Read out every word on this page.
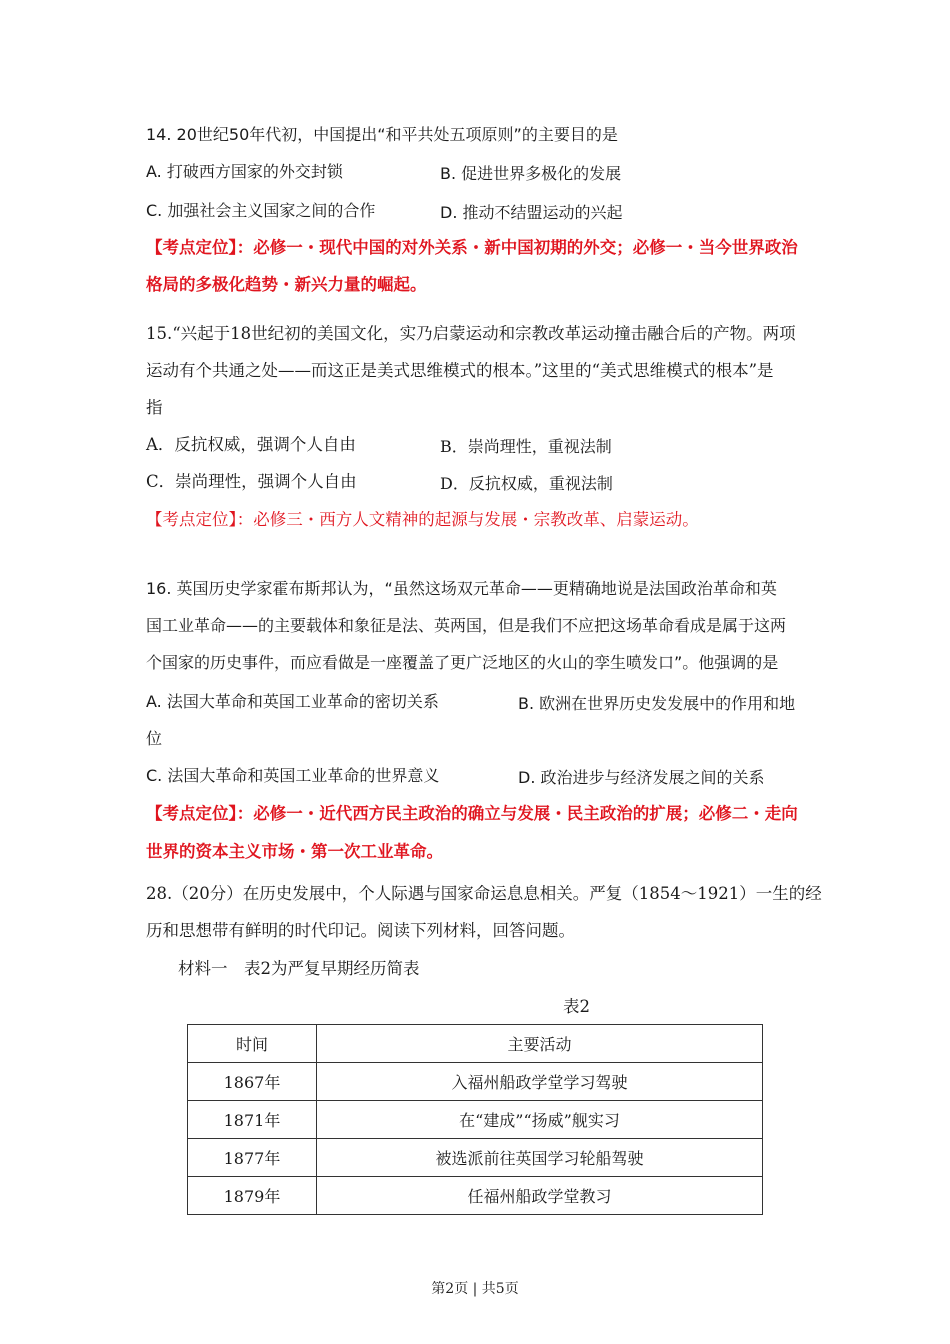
14. 20世纪50年代初，中国提出“和平共处五项原则”的主要目的是
A. 打破西方国家的外交封锁	B. 促进世界多极化的发展
C. 加强社会主义国家之间的合作	D. 推动不结盟运动的兴起
【考点定位】：必修一・现代中国的对外关系・新中国初期的外交；必修一・当今世界政治
格局的多极化趋势・新兴力量的崛起。
15.“兴起于18世纪初的美国文化，实乃启蒙运动和宗教改革运动撞击融合后的产物。两项
运动有个共通之处——而这正是美式思维模式的根本。”这里的“美式思维模式的根本”是
指
A．反抗权威，强调个人自由	B．崇尚理性，重视法制
C．崇尚理性，强调个人自由	D．反抗权威，重视法制
【考点定位】：必修三・西方人文精神的起源与发展・宗教改革、启蒙运动。
16. 英国历史学家霍布斯邦认为，“虽然这场双元革命——更精确地说是法国政治革命和英
国工业革命——的主要载体和象征是法、英两国，但是我们不应把这场革命看成是属于这两
个国家的历史事件，而应看做是一座覆盖了更广泛地区的火山的孪生喷发口”。他强调的是
A. 法国大革命和英国工业革命的密切关系	B. 欧洲在世界历史发发展中的作用和地
位
C. 法国大革命和英国工业革命的世界意义	D. 政治进步与经济发展之间的关系
【考点定位】：必修一・近代西方民主政治的确立与发展・民主政治的扩展；必修二・走向
世界的资本主义市场・第一次工业革命。
28.（20分）在历史发展中，个人际遇与国家命运息息相关。严复（1854～1921）一生的经
历和思想带有鲜明的时代印记。阅读下列材料，回答问题。
材料一　表2为严复早期经历简表
表2
时间	主要活动
1867年	入福州船政学堂学习驾驶
1871年	在“建成”“扬威”舰实习
1877年	被选派前往英国学习轮船驾驶
1879年	任福州船政学堂教习
第2页 | 共5页
